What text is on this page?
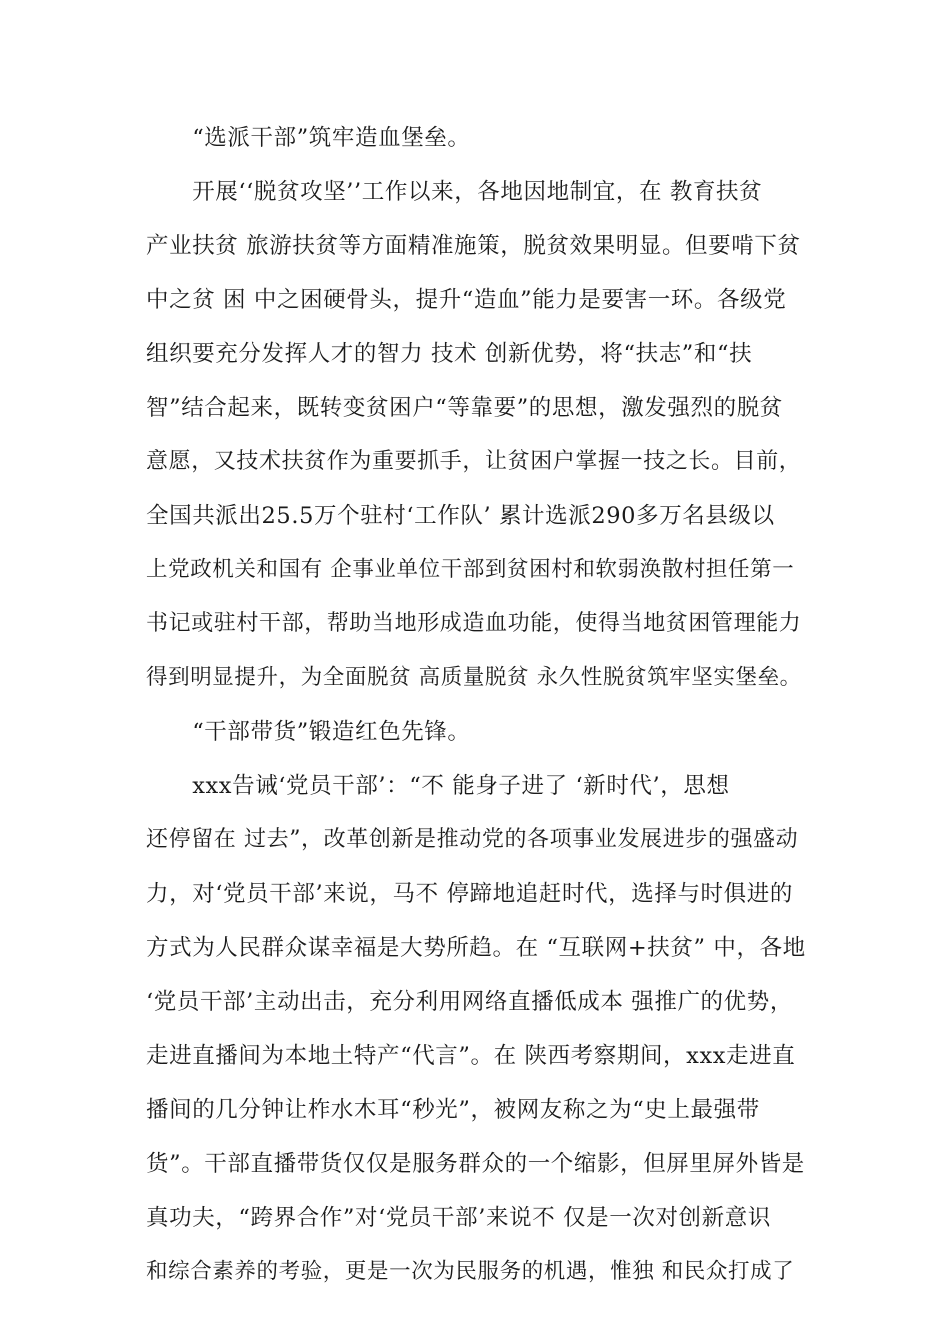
　　“选派干部”筑牢造血堡垒。
　　开展‘‘脱贫攻坚’’工作以来，各地因地制宜，在 教育扶贫
产业扶贫 旅游扶贫等方面精准施策，脱贫效果明显。但要啃下贫
中之贫 困 中之困硬骨头，提升“造血”能力是要害一环。各级党
组织要充分发挥人才的智力 技术 创新优势，将“扶志”和“扶
智”结合起来，既转变贫困户“等靠要”的思想，激发强烈的脱贫
意愿，又技术扶贫作为重要抓手，让贫困户掌握一技之长。目前，
全国共派出25.5万个驻村‘工作队’ 累计选派290多万名县级以
上党政机关和国有 企事业单位干部到贫困村和软弱涣散村担任第一
书记或驻村干部，帮助当地形成造血功能，使得当地贫困管理能力
得到明显提升，为全面脱贫 高质量脱贫 永久性脱贫筑牢坚实堡垒。
　　“干部带货”锻造红色先锋。
　　xxx告诫‘党员干部’：“不 能身子进了 ‘新时代’，思想
还停留在 过去”，改革创新是推动党的各项事业发展进步的强盛动
力，对‘党员干部’来说，马不 停蹄地追赶时代，选择与时俱进的
方式为人民群众谋幸福是大势所趋。在 “互联网+扶贫” 中，各地
‘党员干部’主动出击，充分利用网络直播低成本 强推广的优势，
走进直播间为本地土特产“代言”。在 陕西考察期间，xxx走进直
播间的几分钟让柞水木耳“秒光”，被网友称之为“史上最强带
货”。干部直播带货仅仅是服务群众的一个缩影，但屏里屏外皆是
真功夫，“跨界合作”对‘党员干部’来说不 仅是一次对创新意识
和综合素养的考验，更是一次为民服务的机遇，惟独 和民众打成了
